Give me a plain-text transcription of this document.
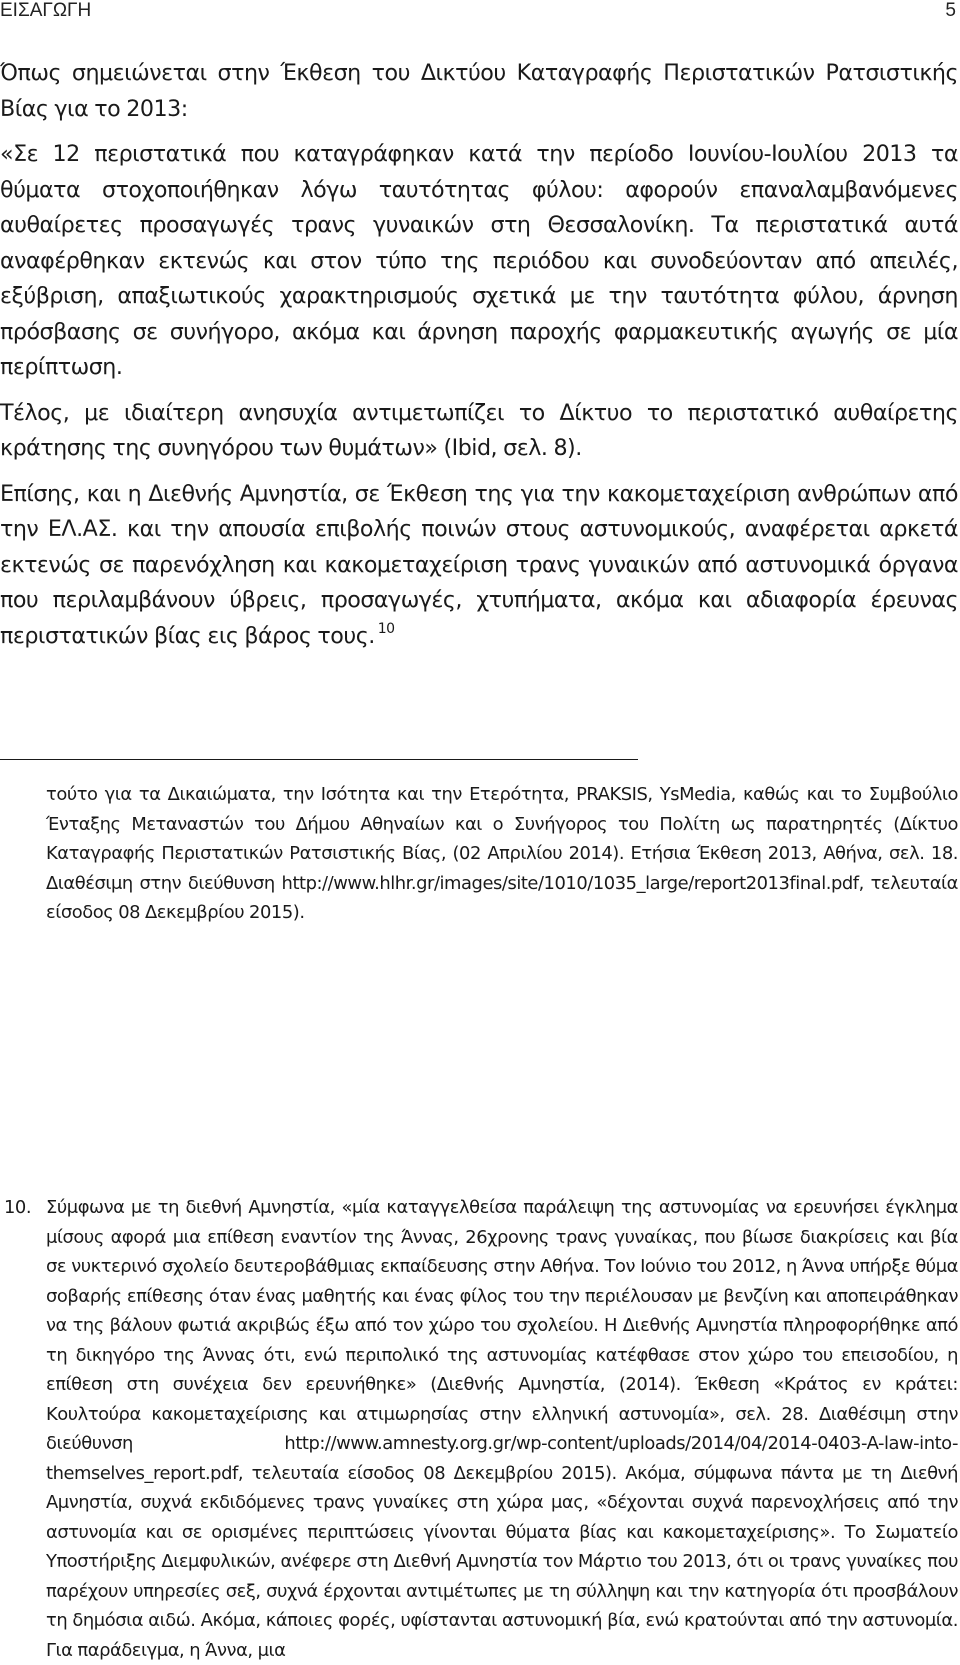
ΕΙΣΑΓΩΓΗ	5

Όπως σημειώνεται στην Έκθεση του Δικτύου Καταγραφής Περιστατικών Ρατσιστικής Βίας για το 2013:

«Σε 12 περιστατικά που καταγράφηκαν κατά την περίοδο Ιουνίου-Ιουλίου 2013 τα θύματα στοχοποιήθηκαν λόγω ταυτότητας φύλου: αφορούν επαναλαμβανόμενες αυθαίρετες προσαγωγές τρανς γυναικών στη Θεσσαλονίκη. Τα περιστατικά αυτά αναφέρθηκαν εκτενώς και στον τύπο της περιόδου και συνοδεύονταν από απειλές, εξύβριση, απαξιωτικούς χαρακτηρισμούς σχετικά με την ταυτότητα φύλου, άρνηση πρόσβασης σε συνήγορο, ακόμα και άρνηση παροχής φαρμακευτικής αγωγής σε μία περίπτωση.

Τέλος, με ιδιαίτερη ανησυχία αντιμετωπίζει το Δίκτυο το περιστατικό αυθαίρετης κράτησης της συνηγόρου των θυμάτων» (Ibid, σελ. 8).

Επίσης, και η Διεθνής Αμνηστία, σε Έκθεση της για την κακομεταχείριση ανθρώπων από την ΕΛ.ΑΣ. και την απουσία επιβολής ποινών στους αστυνομικούς, αναφέρεται αρκετά εκτενώς σε παρενόχληση και κακομεταχείριση τρανς γυναικών από αστυνομικά όργανα που περιλαμβάνουν ύβρεις, προσαγωγές, χτυπήματα, ακόμα και αδιαφορία έρευνας περιστατικών βίας εις βάρος τους. $^{10}$

τούτο για τα Δικαιώματα, την Ισότητα και την Ετερότητα, PRAKSIS, YsMedia, καθώς και το Συμβούλιο Ένταξης Μεταναστών του Δήμου Αθηναίων και ο Συνήγορος του Πολίτη ως παρατηρητές (Δίκτυο Καταγραφής Περιστατικών Ρατσιστικής Βίας, (02 Απριλίου 2014). Ετήσια Έκθεση 2013, Αθήνα, σελ. 18. Διαθέσιμη στην διεύθυνση http://www.hlhr.gr/images/site/1010/1035_large/report2013final.pdf, τελευταία είσοδος 08 Δεκεμβρίου 2015).
10. Σύμφωνα με τη διεθνή Αμνηστία, «μία καταγγελθείσα παράλειψη της αστυνομίας να ερευνήσει έγκλημα μίσους αφορά μια επίθεση εναντίον της Άννας, 26χρονης τρανς γυναίκας, που βίωσε διακρίσεις και βία σε νυκτερινό σχολείο δευτεροβάθμιας εκπαίδευσης στην Αθήνα. Τον Ιούνιο του 2012, η Άννα υπήρξε θύμα σοβαρής επίθεσης όταν ένας μαθητής και ένας φίλος του την περιέλουσαν με βενζίνη και αποπειράθηκαν να της βάλουν φωτιά ακριβώς έξω από τον χώρο του σχολείου. Η Διεθνής Αμνηστία πληροφορήθηκε από τη δικηγόρο της Άννας ότι, ενώ περιπολικό της αστυνομίας κατέφθασε στον χώρο του επεισοδίου, η επίθεση στη συνέχεια δεν ερευνήθηκε» (Διεθνής Αμνηστία, (2014). Έκθεση «Κράτος εν κράτει: Κουλτούρα κακομεταχείρισης και ατιμωρησίας στην ελληνική αστυνομία», σελ. 28. Διαθέσιμη στην διεύθυνση http://www.amnesty.org.gr/wp-content/uploads/2014/04/2014-0403-A-law-into-themselves_report.pdf, τελευταία είσοδος 08 Δεκεμβρίου 2015). Ακόμα, σύμφωνα πάντα με τη Διεθνή Αμνηστία, συχνά εκδιδόμενες τρανς γυναίκες στη χώρα μας, «δέχονται συχνά παρενοχλήσεις από την αστυνομία και σε ορισμένες περιπτώσεις γίνονται θύματα βίας και κακομεταχείρισης». Το Σωματείο Υποστήριξης Διεμφυλικών, ανέφερε στη Διεθνή Αμνηστία τον Μάρτιο του 2013, ότι οι τρανς γυναίκες που παρέχουν υπηρεσίες σεξ, συχνά έρχονται αντιμέτωπες με τη σύλληψη και την κατηγορία ότι προσβάλουν τη δημόσια αιδώ. Ακόμα, κάποιες φορές, υφίστανται αστυνομική βία, ενώ κρατούνται από την αστυνομία. Για παράδειγμα, η Άννα, μια
